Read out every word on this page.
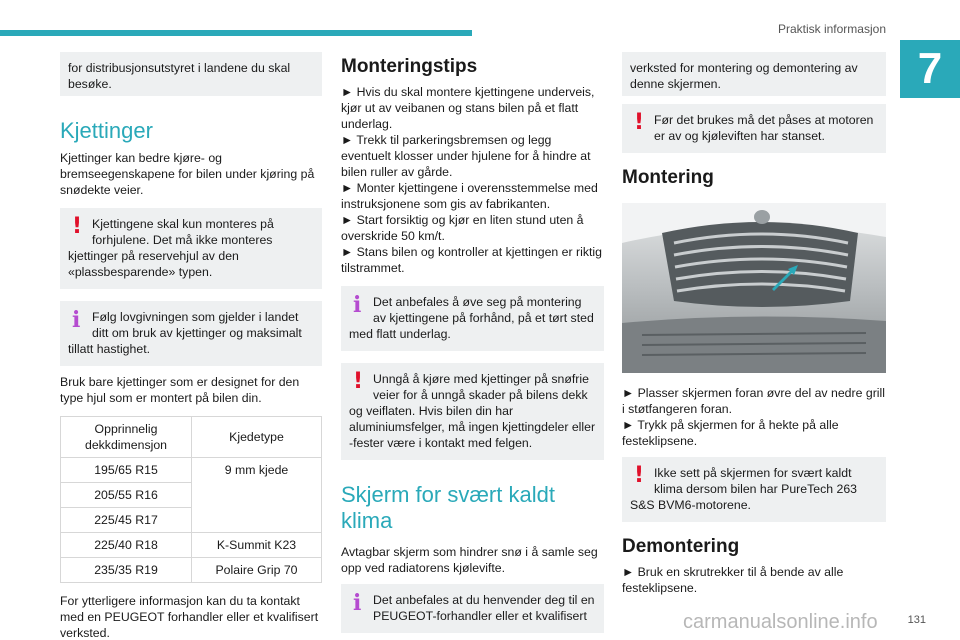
Praktisk informasjon
7
for distribusjonsutstyret i landene du skal besøke.
Kjettinger

Kjettinger kan bedre kjøre- og bremseegenskapene for bilen under kjøring på snødekte veier.

! Kjettingene skal kun monteres på forhjulene. Det må ikke monteres
kjettinger på reservehjul av den «plassbesparende» typen.
i Følg lovgivningen som gjelder i landet ditt om bruk av kjettinger og maksimalt
tillatt hastighet.

Bruk bare kjettinger som er designet for den type hjul som er montert på bilen din.

Opprinnelig dekkdimensjon	Kjedetype
195/65 R15	9 mm kjede
205/55 R16	
225/45 R17	
225/40 R18	K-Summit K23
235/35 R19	Polaire Grip 70

For ytterligere informasjon kan du ta kontakt med en PEUGEOT forhandler eller et kvalifisert verksted.

Monteringstips

► Hvis du skal montere kjettingene underveis, kjør ut av veibanen og stans bilen på et flatt underlag.

► Trekk til parkeringsbremsen og legg eventuelt klosser under hjulene for å hindre at bilen ruller av gårde.

► Monter kjettingene i overensstemmelse med instruksjonene som gis av fabrikanten.

► Start forsiktig og kjør en liten stund uten å overskride 50 km/t.

► Stans bilen og kontroller at kjettingen er riktig tilstrammet.

i Det anbefales å øve seg på montering av kjettingene på forhånd, på et tørt sted
med flatt underlag.
! Unngå å kjøre med kjettinger på snøfrie veier for å unngå skader på bilens dekk
og veiflaten. Hvis bilen din har aluminiumsfelger, må ingen kjettingdeler eller -fester være i kontakt med felgen.
Skjerm for svært kaldt klima

Avtagbar skjerm som hindrer snø i å samle seg opp ved radiatorens kjølevifte.

i Det anbefales at du henvender deg til en PEUGEOT-forhandler eller et kvalifisert
verksted for montering og demontering av denne skjermen.
! Før det brukes må det påses at motoren er av og kjøleviften har stanset.
Montering

► Plasser skjermen foran øvre del av nedre grill i støtfangeren foran.

► Trykk på skjermen for å hekte på alle festeklipsene.

! Ikke sett på skjermen for svært kaldt klima dersom bilen har PureTech 263
S&S BVM6-motorene.
Demontering

► Bruk en skrutrekker til å bende av alle festeklipsene.

carmanualsonline.info	131
